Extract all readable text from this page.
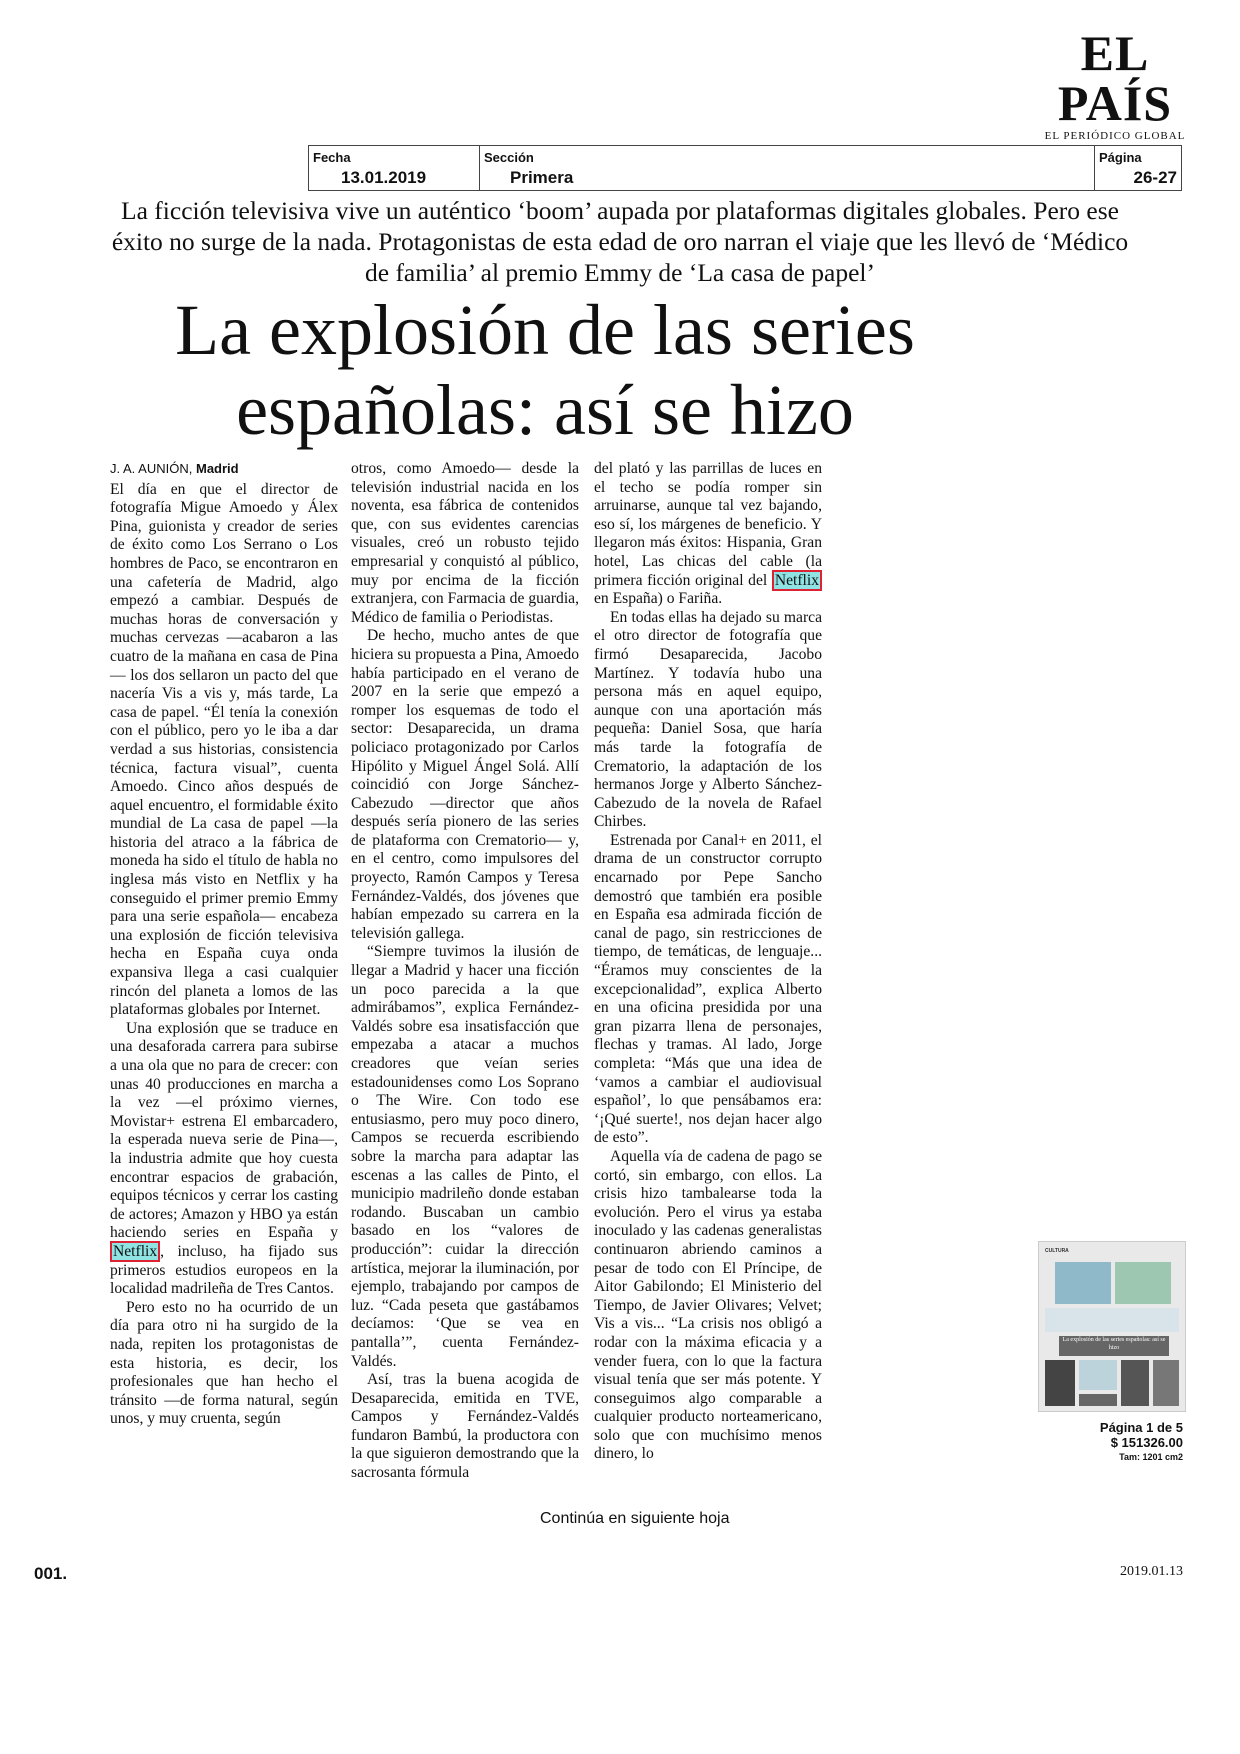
EL PAÍS
EL PERIÓDICO GLOBAL
Fecha
13.01.2019
Sección
Primera
Página
26-27
La ficción televisiva vive un auténtico ‘boom’ aupada por plataformas digitales globales. Pero ese éxito no surge de la nada. Protagonistas de esta edad de oro narran el viaje que les llevó de ‘Médico de familia’ al premio Emmy de ‘La casa de papel’
La explosión de las series
españolas: así se hizo

J. A. AUNIÓN, Madrid

El día en que el director de fotografía Migue Amoedo y Álex Pina, guionista y creador de series de éxito como Los Serrano o Los hombres de Paco, se encontraron en una cafetería de Madrid, algo empezó a cambiar. Después de muchas horas de conversación y muchas cervezas —acabaron a las cuatro de la mañana en casa de Pina— los dos sellaron un pacto del que nacería Vis a vis y, más tarde, La casa de papel. “Él tenía la conexión con el público, pero yo le iba a dar verdad a sus historias, consistencia técnica, factura visual”, cuenta Amoedo. Cinco años después de aquel encuentro, el formidable éxito mundial de La casa de papel —la historia del atraco a la fábrica de moneda ha sido el título de habla no inglesa más visto en Netflix y ha conseguido el primer premio Emmy para una serie española— encabeza una explosión de ficción televisiva hecha en España cuya onda expansiva llega a casi cualquier rincón del planeta a lomos de las plataformas globales por Internet.

Una explosión que se traduce en una desaforada carrera para subirse a una ola que no para de crecer: con unas 40 producciones en marcha a la vez —el próximo viernes, Movistar+ estrena El embarcadero, la esperada nueva serie de Pina—, la industria admite que hoy cuesta encontrar espacios de grabación, equipos técnicos y cerrar los casting de actores; Amazon y HBO ya están haciendo series en España y Netflix , incluso, ha fijado sus primeros estudios europeos en la localidad madrileña de Tres Cantos.

Pero esto no ha ocurrido de un día para otro ni ha surgido de la nada, repiten los protagonistas de esta historia, es decir, los profesionales que han hecho el tránsito —de forma natural, según unos, y muy cruenta, según

otros, como Amoedo— desde la televisión industrial nacida en los noventa, esa fábrica de contenidos que, con sus evidentes carencias visuales, creó un robusto tejido empresarial y conquistó al público, muy por encima de la ficción extranjera, con Farmacia de guardia, Médico de familia o Periodistas.

De hecho, mucho antes de que hiciera su propuesta a Pina, Amoedo había participado en el verano de 2007 en la serie que empezó a romper los esquemas de todo el sector: Desaparecida, un drama policiaco protagonizado por Carlos Hipólito y Miguel Ángel Solá. Allí coincidió con Jorge Sánchez-Cabezudo —director que años después sería pionero de las series de plataforma con Crematorio— y, en el centro, como impulsores del proyecto, Ramón Campos y Teresa Fernández-Valdés, dos jóvenes que habían empezado su carrera en la televisión gallega.

“Siempre tuvimos la ilusión de llegar a Madrid y hacer una ficción un poco parecida a la que admirábamos”, explica Fernández-Valdés sobre esa insatisfacción que empezaba a atacar a muchos creadores que veían series estadounidenses como Los Soprano o The Wire. Con todo ese entusiasmo, pero muy poco dinero, Campos se recuerda escribiendo sobre la marcha para adaptar las escenas a las calles de Pinto, el municipio madrileño donde estaban rodando. Buscaban un cambio basado en los “valores de producción”: cuidar la dirección artística, mejorar la iluminación, por ejemplo, trabajando por campos de luz. “Cada peseta que gastábamos decíamos: ‘Que se vea en pantalla’”, cuenta Fernández-Valdés.

Así, tras la buena acogida de Desaparecida, emitida en TVE, Campos y Fernández-Valdés fundaron Bambú, la productora con la que siguieron demostrando que la sacrosanta fórmula

del plató y las parrillas de luces en el techo se podía romper sin arruinarse, aunque tal vez bajando, eso sí, los márgenes de beneficio. Y llegaron más éxitos: Hispania, Gran hotel, Las chicas del cable (la primera ficción original del Netflix en España) o Fariña.

En todas ellas ha dejado su marca el otro director de fotografía que firmó Desaparecida, Jacobo Martínez. Y todavía hubo una persona más en aquel equipo, aunque con una aportación más pequeña: Daniel Sosa, que haría más tarde la fotografía de Crematorio, la adaptación de los hermanos Jorge y Alberto Sánchez-Cabezudo de la novela de Rafael Chirbes.

Estrenada por Canal+ en 2011, el drama de un constructor corrupto encarnado por Pepe Sancho demostró que también era posible en España esa admirada ficción de canal de pago, sin restricciones de tiempo, de temáticas, de lenguaje... “Éramos muy conscientes de la excepcionalidad”, explica Alberto en una oficina presidida por una gran pizarra llena de personajes, flechas y tramas. Al lado, Jorge completa: “Más que una idea de ‘vamos a cambiar el audiovisual español’, lo que pensábamos era: ‘¡Qué suerte!, nos dejan hacer algo de esto”.

Aquella vía de cadena de pago se cortó, sin embargo, con ellos. La crisis hizo tambalearse toda la evolución. Pero el virus ya estaba inoculado y las cadenas generalistas continuaron abriendo caminos a pesar de todo con El Príncipe, de Aitor Gabilondo; El Ministerio del Tiempo, de Javier Olivares; Velvet; Vis a vis... “La crisis nos obligó a rodar con la máxima eficacia y a vender fuera, con lo que la factura visual tenía que ser más potente. Y conseguimos algo comparable a cualquier producto norteamericano, solo que con muchísimo menos dinero, lo

Continúa en siguiente hoja
CULTURA
La explosión de las series españolas: así se hizo
Página 1 de 5
$ 151326.00
Tam: 1201 cm2
001.	2019.01.13
